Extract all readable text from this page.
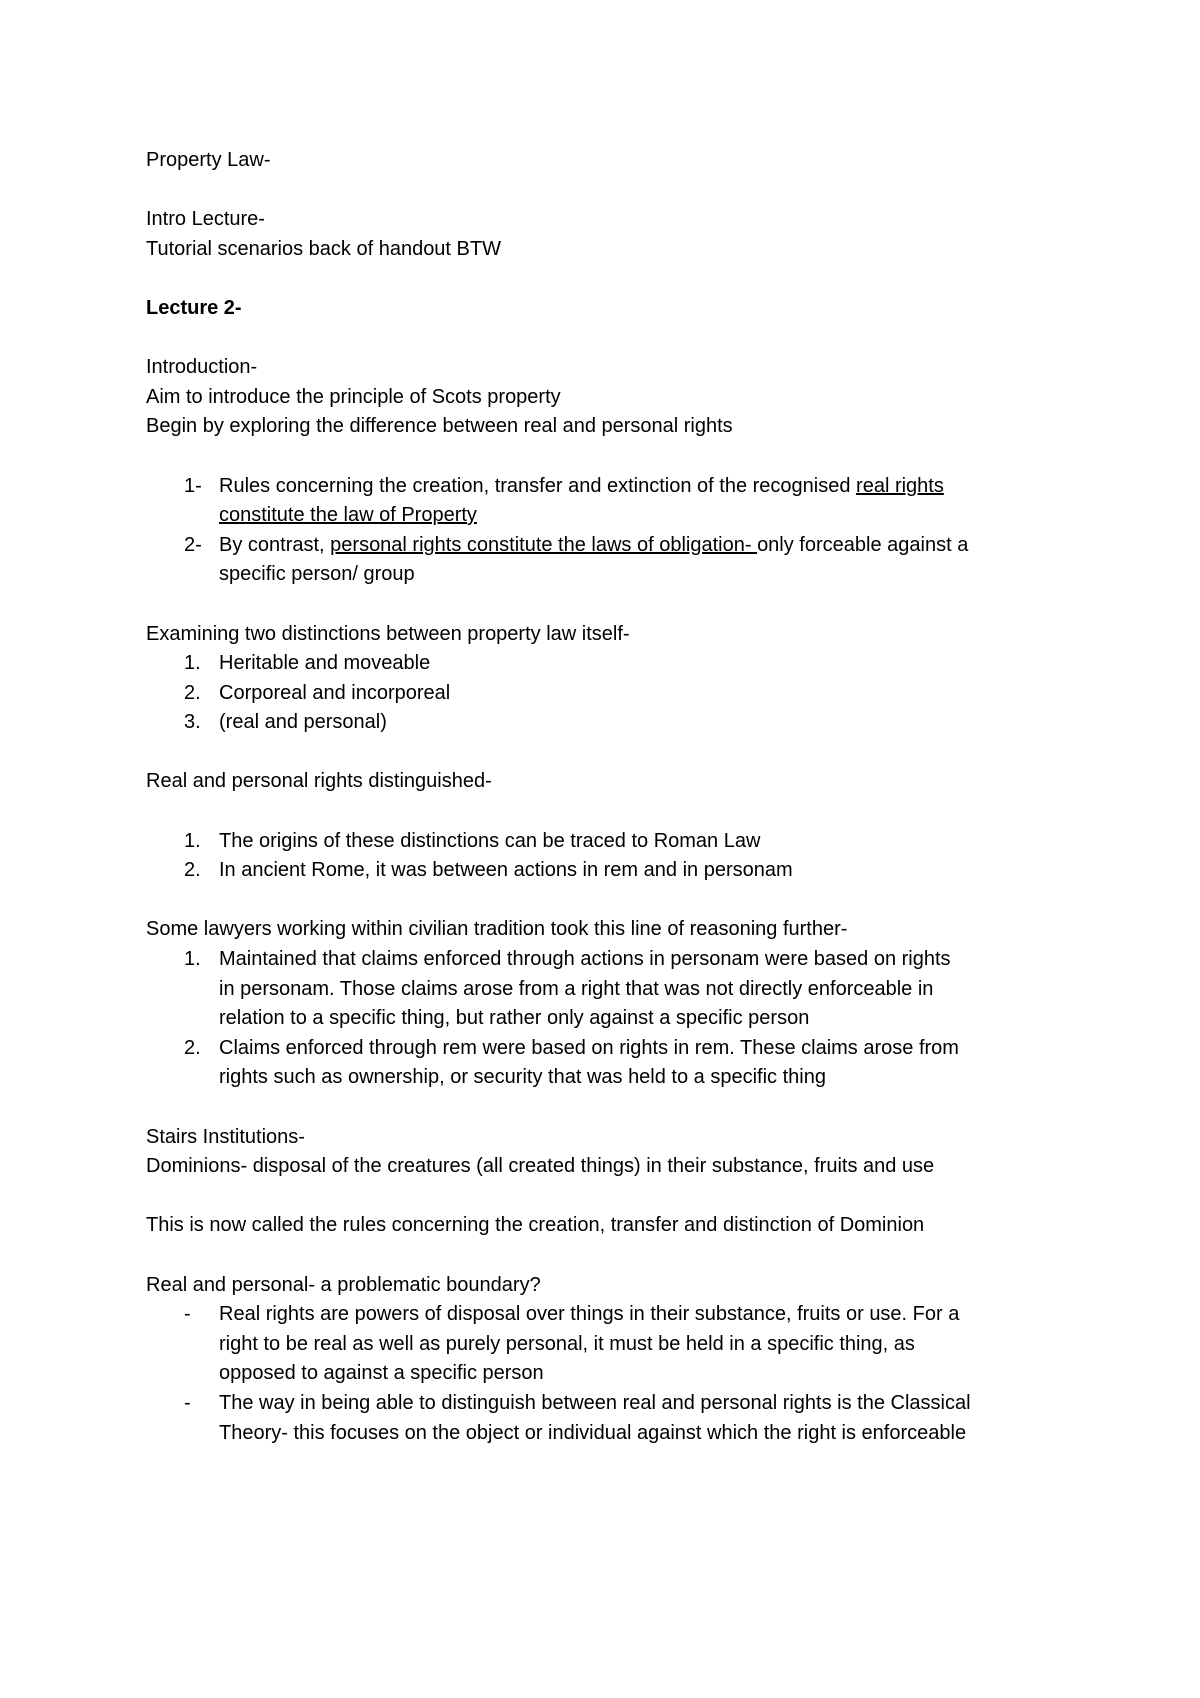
Property Law-
Intro Lecture-
Tutorial scenarios back of handout BTW
Lecture 2-
Introduction-
Aim to introduce the principle of Scots property
Begin by exploring the difference between real and personal rights
1- Rules concerning the creation, transfer and extinction of the recognised real rights
constitute the law of Property
2- By contrast, personal rights constitute the laws of obligation- only forceable against a
specific person/ group
Examining two distinctions between property law itself-
1. Heritable and moveable
2. Corporeal and incorporeal
3. (real and personal)
Real and personal rights distinguished-
1. The origins of these distinctions can be traced to Roman Law
2. In ancient Rome, it was between actions in rem and in personam
Some lawyers working within civilian tradition took this line of reasoning further-
1. Maintained that claims enforced through actions in personam were based on rights
in personam. Those claims arose from a right that was not directly enforceable in
relation to a specific thing, but rather only against a specific person
2. Claims enforced through rem were based on rights in rem. These claims arose from
rights such as ownership, or security that was held to a specific thing
Stairs Institutions-
Dominions- disposal of the creatures (all created things) in their substance, fruits and use
This is now called the rules concerning the creation, transfer and distinction of Dominion
Real and personal- a problematic boundary?
- Real rights are powers of disposal over things in their substance, fruits or use. For a
right to be real as well as purely personal, it must be held in a specific thing, as
opposed to against a specific person
- The way in being able to distinguish between real and personal rights is the Classical
Theory- this focuses on the object or individual against which the right is enforceable
